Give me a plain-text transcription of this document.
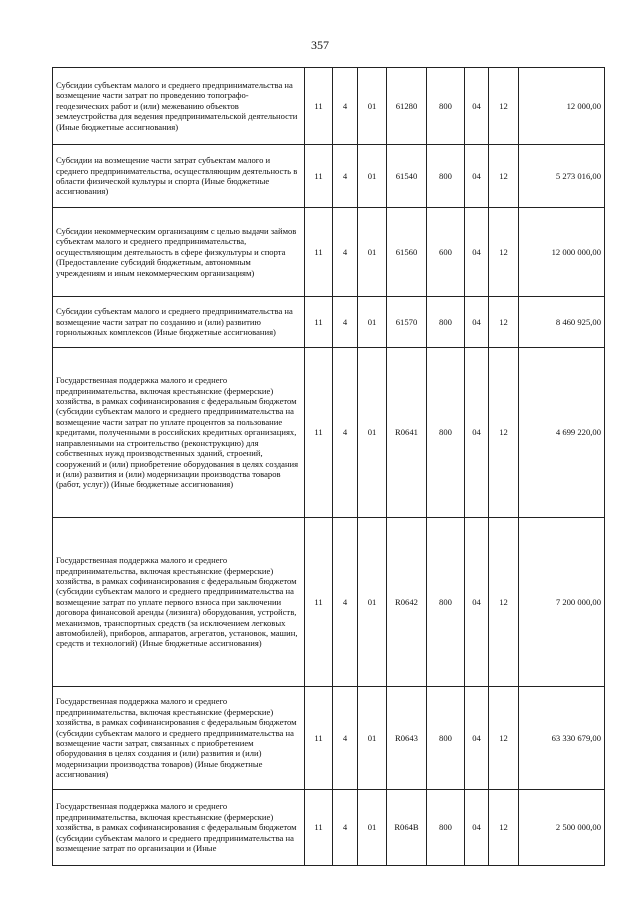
357
Субсидии субъектам малого и среднего предпринимательства на возмещение части затрат по проведению топографо-геодезических работ и (или) межеванию объектов землеустройства для ведения предпринимательской деятельности (Иные бюджетные ассигнования)	11	4	01	61280	800	04	12	12 000,00
Субсидии на возмещение части затрат субъектам малого и среднего предпринимательства, осуществляющим деятельность в области физической культуры и спорта (Иные бюджетные ассигнования)	11	4	01	61540	800	04	12	5 273 016,00
Субсидии некоммерческим организациям с целью выдачи займов субъектам малого и среднего предпринимательства, осуществляющим деятельность в сфере физкультуры и спорта (Предоставление субсидий бюджетным, автономным учреждениям и иным некоммерческим организациям)	11	4	01	61560	600	04	12	12 000 000,00
Субсидии субъектам малого и среднего предпринимательства на возмещение части затрат по созданию и (или) развитию горнолыжных комплексов (Иные бюджетные ассигнования)	11	4	01	61570	800	04	12	8 460 925,00
Государственная поддержка малого и среднего предпринимательства, включая крестьянские (фермерские) хозяйства, в рамках софинансирования с федеральным бюджетом (субсидии субъектам малого и среднего предпринимательства на возмещение части затрат по уплате процентов за пользование кредитами, полученными в российских кредитных организациях, направленными на строительство (реконструкцию) для собственных нужд производственных зданий, строений, сооружений и (или) приобретение оборудования в целях создания и (или) развития и (или) модернизации производства товаров (работ, услуг)) (Иные бюджетные ассигнования)	11	4	01	R0641	800	04	12	4 699 220,00
Государственная поддержка малого и среднего предпринимательства, включая крестьянские (фермерские) хозяйства, в рамках софинансирования с федеральным бюджетом (субсидии субъектам малого и среднего предпринимательства на возмещение затрат по уплате первого взноса при заключении договора финансовой аренды (лизинга) оборудования, устройств, механизмов, транспортных средств (за исключением легковых автомобилей), приборов, аппаратов, агрегатов, установок, машин, средств и технологий) (Иные бюджетные ассигнования)	11	4	01	R0642	800	04	12	7 200 000,00
Государственная поддержка малого и среднего предпринимательства, включая крестьянские (фермерские) хозяйства, в рамках софинансирования с федеральным бюджетом (субсидии субъектам малого и среднего предпринимательства на возмещение части затрат, связанных с приобретением оборудования в целях создания и (или) развития и (или) модернизации производства товаров) (Иные бюджетные ассигнования)	11	4	01	R0643	800	04	12	63 330 679,00
Государственная поддержка малого и среднего предпринимательства, включая крестьянские (фермерские) хозяйства, в рамках софинансирования с федеральным бюджетом (субсидии субъектам малого и среднего предпринимательства на возмещение затрат по организации и (Иные	11	4	01	R064B	800	04	12	2 500 000,00
